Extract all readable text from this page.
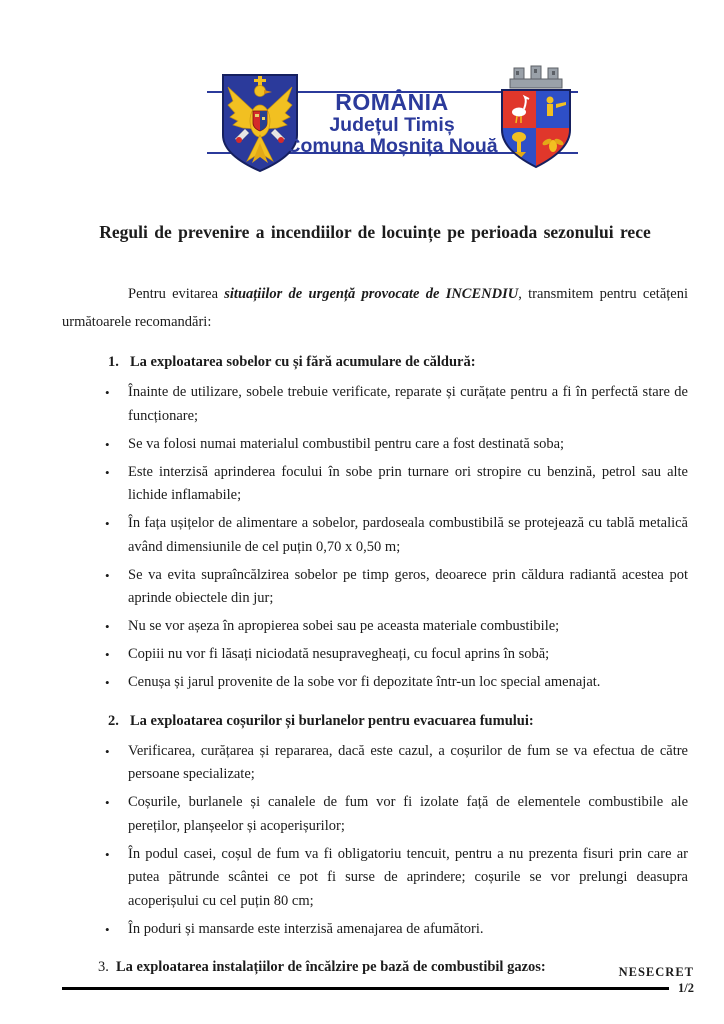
ROMÂNIA
Județul Timiș
Comuna Moșnița Nouă
Reguli de prevenire a incendiilor de locuințe pe perioada sezonului rece

Pentru evitarea situațiilor de urgență provocate de INCENDIU, transmitem pentru cetățeni următoarele recomandări:

1. La exploatarea sobelor cu și fără acumulare de căldură:
•	Înainte de utilizare, sobele trebuie verificate, reparate și curățate pentru a fi în perfectă stare de funcționare;
•	Se va folosi numai materialul combustibil pentru care a fost destinată soba;
•	Este interzisă aprinderea focului în sobe prin turnare ori stropire cu benzină, petrol sau alte lichide inflamabile;
•	În fața ușițelor de alimentare a sobelor, pardoseala combustibilă se protejează cu tablă metalică având dimensiunile de cel puțin 0,70 x 0,50 m;
•	Se va evita supraîncălzirea sobelor pe timp geros, deoarece prin căldura radiantă acestea pot aprinde obiectele din jur;
•	Nu se vor așeza în apropierea sobei sau pe aceasta materiale combustibile;
•	Copiii nu vor fi lăsați niciodată nesupravegheați, cu focul aprins în sobă;
•	Cenușa și jarul provenite de la sobe vor fi depozitate într-un loc special amenajat.
2. La exploatarea coșurilor și burlanelor pentru evacuarea fumului:
•	Verificarea, curățarea și repararea, dacă este cazul, a coșurilor de fum se va efectua de către persoane specializate;
•	Coșurile, burlanele și canalele de fum vor fi izolate față de elementele combustibile ale pereților, planșeelor și acoperișurilor;
•	În podul casei, coșul de fum va fi obligatoriu tencuit, pentru a nu prezenta fisuri prin care ar putea pătrunde scântei ce pot fi surse de aprindere; coșurile se vor prelungi deasupra acoperișului cu cel puțin 80 cm;
•	În poduri și mansarde este interzisă amenajarea de afumători.
3. La exploatarea instalațiilor de încălzire pe bază de combustibil gazos:	NESECRET
1/2
